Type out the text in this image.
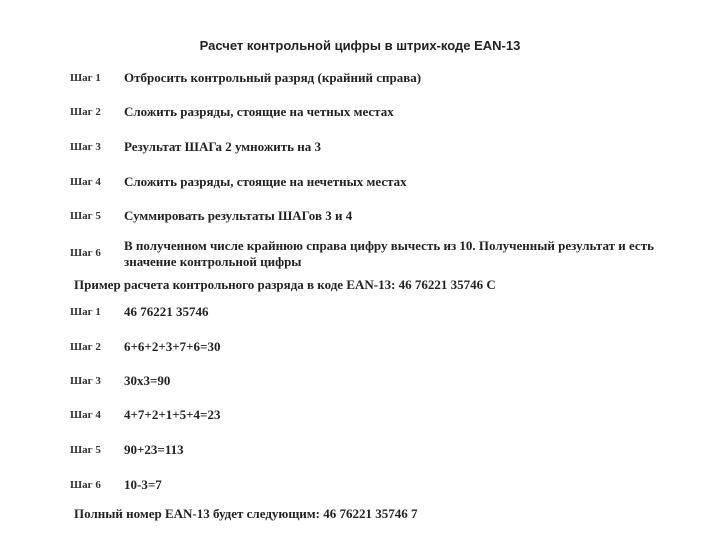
Расчет контрольной цифры в штрих-коде EAN-13
Шаг 1 Отбросить контрольный разряд (крайний справа)
Шаг 2 Сложить разряды, стоящие на четных местах
Шаг 3 Результат ШАГа 2 умножить на 3
Шаг 4 Сложить разряды, стоящие на нечетных местах
Шаг 5 Суммировать результаты ШАГов 3 и 4
Шаг 6 В полученном числе крайнюю справа цифру вычесть из 10. Полученный результат и есть значение контрольной цифры
Пример расчета контрольного разряда в коде EAN-13: 46 76221 35746 C
Шаг 1 46 76221 35746
Шаг 2 6+6+2+3+7+6=30
Шаг 3 30x3=90
Шаг 4 4+7+2+1+5+4=23
Шаг 5 90+23=113
Шаг 6 10-3=7
Полный номер EAN-13 будет следующим: 46 76221 35746 7
